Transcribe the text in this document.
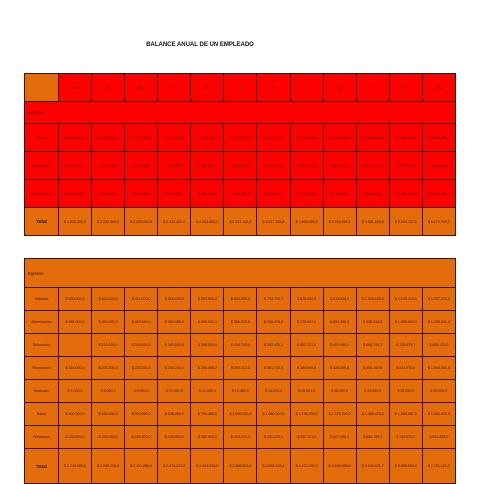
BALANCE ANUAL DE UN EMPLEADO
	Ene	Feb	Mar	Abr	May	Jun	Jul	Ag	Sep	Oct	Nov	Dic
Ingresos												
Salario	$ 1.500.000,0	$ 1.480.400,0	$ 1.570.000,0	$ 1.730.000,0	$ 1.800.300,0	$ 1.800.000,0	$ 2.512.300,0	$ 2.700.000,0	$ 3.028.900,0	$ 3.840.000,0	$ 3.870.000,0	$ 4.274.000,0
Comisiones	$ 180.000,0	$ 371.600,0	$ 190.000,0	$ 307.000,0	$ 386.300,0	$ 601.200,0	$ 501.400,0	$ 517.000,0	$ 584.700,0	$ 801.200,0	$ 547.400,0	$ 850.000,0
Bonificaciones	$ 284.000,0	$ 400.400,0	$ 440.000,0	$ 400.000,0	$ 680.000,0	$ 680.200,0	$ 763.670,0	$ 773.617,0	$ 615.199,0	$ 508.010,0	$ 1.000.000,0	$ 1.200.000,0
Total	$ 1.820.000,0	$ 2.202.000,0	$ 2.202.200,0	$ 2.422.420,0	$ 2.664.662,0	$ 2.931.128,2	$ 3.517.353,8	$ 3.969.089,2	$ 4.255.998,1	$ 4.681.598,0	$ 5.149.757,8	$ 6.179.709,3
Egresos												
Vivienda	$ 300.000,0	$ 400.000,0	$ 411.000,0	$ 516.000,0	$ 593.000,0	$ 600.000,0	$ 793.716,7	$ 820.000,0	$ 813.998,0	$ 1.003.100,0	$ 1.100.310,0	$ 1.207.213,0
Alimentación	$ 264.000,0	$ 400.400,0	$ 440.440,0	$ 484.484,0	$ 532.932,4	$ 586.225,6	$ 708.478,8	$ 773.617,0	$ 851.108,0	$ 936.316,0	$ 1.389.963,0	$ 1.208.341,0
Educación		$ 210.000,0	$ 316.000,0	$ 340.000,0	$ 380.000,0	$ 418.700,0	$ 502.476,1	$ 552.721,0	$ 607.999,1	$ 668.799,7	$ 735.679,7	$ 809.179,0
Recreación	$ 182.000,0	$ 200.300,0	$ 220.220,0	$ 242.242,0	$ 266.466,2	$ 293.112,8	$ 351.735,4	$ 386.909,0	$ 425.599,8	$ 468.159,8	$ 514.975,6	$ 1.044.401,0
Vestuario	$ 7.000,0	$ 8.000,0	$ 9.430,0	$ 10.391,6	$ 11.420,0	$ 12.483,9	$ 14.094,4	$ 15.001,0	$ 16.290,0	$ 20.094,0	$ 22.030,0	$ 30.404,0
Salud	$ 400.000,0	$ 480.400,0	$ 500.000,0	$ 548.250,0	$ 790.380,0	$ 1.000.000,0	$ 1.060.000,0	$ 1.196.200,0	$ 1.378.700,0	$ 1.486.470,0	$ 1.844.687,0	$ 1.460.412,0
Préstamos	$ 183.600,0	$ 296.300,0	$ 310.000,0	$ 348.000,0	$ 380.000,0	$ 418.700,0	$ 502.476,1	$ 552.721,0	$ 607.999,1	$ 668.799,7	$ 735.679,7	$ 967.838,0
Total	$ 1.749.600,0	$ 2.240.790,0	$ 2.431.898,0	$ 2.675.043,8	$ 2.942.548,2	$ 3.386.803,0	$ 3.894.163,4	$ 4.272.590,0	$ 4.699.838,0	$ 5.169.821,7	$ 5.686.803,9	$ 7.751.121,1
